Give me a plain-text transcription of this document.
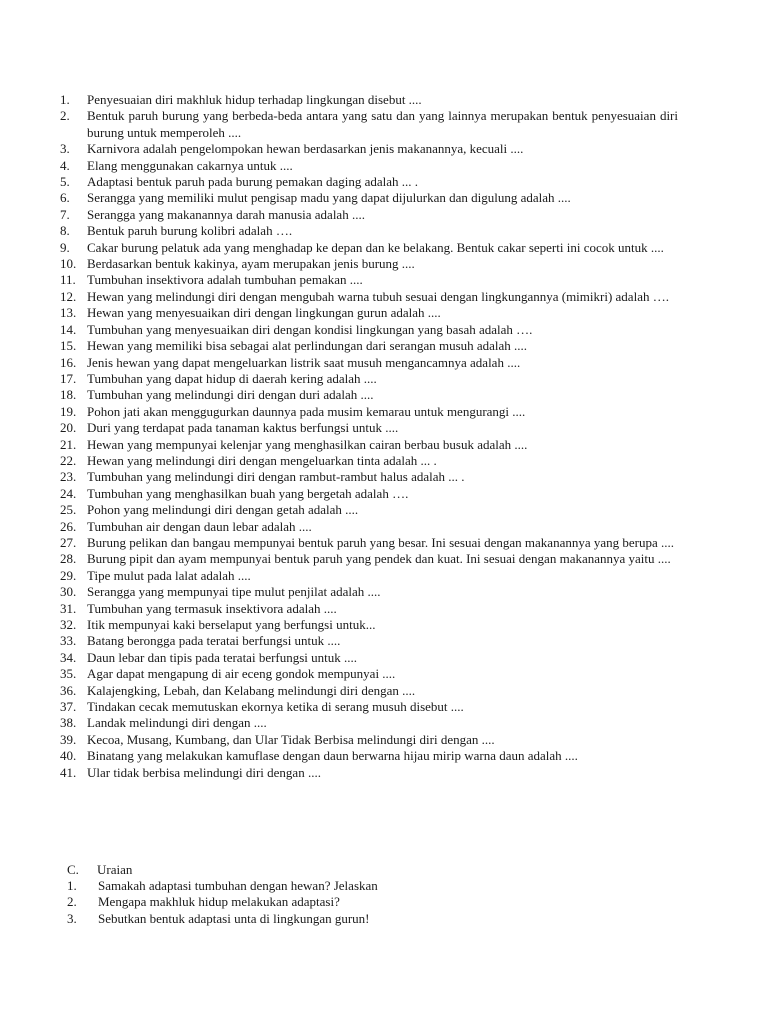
1.	Penyesuaian diri makhluk hidup terhadap lingkungan disebut ....
2.	Bentuk paruh burung yang berbeda-beda antara yang satu dan yang lainnya merupakan bentuk penyesuaian diri burung untuk memperoleh ....
3.	Karnivora adalah pengelompokan hewan berdasarkan jenis makanannya, kecuali ....
4.	Elang menggunakan cakarnya untuk ....
5.	Adaptasi bentuk paruh pada burung pemakan daging adalah ... .
6.	Serangga yang memiliki mulut pengisap madu yang dapat dijulurkan dan digulung adalah ....
7.	Serangga yang makanannya darah manusia adalah ....
8.	Bentuk paruh burung kolibri adalah ….
9.	Cakar burung pelatuk ada yang menghadap ke depan dan ke belakang. Bentuk cakar seperti ini cocok untuk ....
10. Berdasarkan bentuk kakinya, ayam merupakan jenis burung ....
11. Tumbuhan insektivora adalah tumbuhan pemakan ....
12. Hewan yang melindungi diri dengan mengubah warna tubuh sesuai dengan lingkungannya (mimikri) adalah ….
13. Hewan yang menyesuaikan diri dengan lingkungan gurun adalah ....
14. Tumbuhan yang menyesuaikan diri dengan kondisi lingkungan yang basah adalah ….
15. Hewan yang memiliki bisa sebagai alat perlindungan dari serangan musuh adalah ....
16. Jenis hewan yang dapat mengeluarkan listrik saat musuh mengancamnya adalah ....
17. Tumbuhan yang dapat hidup di daerah kering adalah ....
18. Tumbuhan yang melindungi diri dengan duri adalah ....
19. Pohon jati akan menggugurkan daunnya pada musim kemarau untuk mengurangi ....
20. Duri yang terdapat pada tanaman kaktus berfungsi untuk ....
21. Hewan yang mempunyai kelenjar yang menghasilkan cairan berbau busuk adalah ....
22. Hewan yang melindungi diri dengan mengeluarkan tinta adalah ... .
23. Tumbuhan yang melindungi diri dengan rambut-rambut halus adalah ... .
24. Tumbuhan yang menghasilkan buah yang bergetah adalah ….
25. Pohon yang melindungi diri dengan getah adalah ....
26. Tumbuhan air dengan daun lebar adalah ....
27. Burung pelikan dan bangau mempunyai bentuk paruh yang besar. Ini sesuai dengan makanannya yang berupa ....
28. Burung pipit dan ayam mempunyai bentuk paruh yang pendek dan kuat. Ini sesuai dengan makanannya yaitu ....
29. Tipe mulut pada lalat adalah ....
30. Serangga yang mempunyai tipe mulut penjilat adalah ....
31. Tumbuhan yang termasuk insektivora adalah ....
32. Itik mempunyai kaki berselaput yang berfungsi untuk...
33. Batang berongga pada teratai berfungsi untuk ....
34. Daun lebar dan tipis pada teratai berfungsi untuk ....
35. Agar dapat mengapung di air eceng gondok mempunyai ....
36. Kalajengking, Lebah, dan Kelabang melindungi diri dengan ....
37. Tindakan cecak memutuskan ekornya ketika di serang musuh disebut ....
38. Landak melindungi diri dengan ....
39. Kecoa, Musang, Kumbang, dan Ular Tidak Berbisa melindungi diri dengan ....
40. Binatang yang melakukan kamuflase dengan daun berwarna hijau mirip warna daun adalah ....
41. Ular tidak berbisa melindungi diri dengan ....
C.	Uraian
1.	Samakah adaptasi tumbuhan dengan hewan? Jelaskan
2.	Mengapa makhluk hidup melakukan adaptasi?
3.	Sebutkan bentuk adaptasi unta di lingkungan gurun!
